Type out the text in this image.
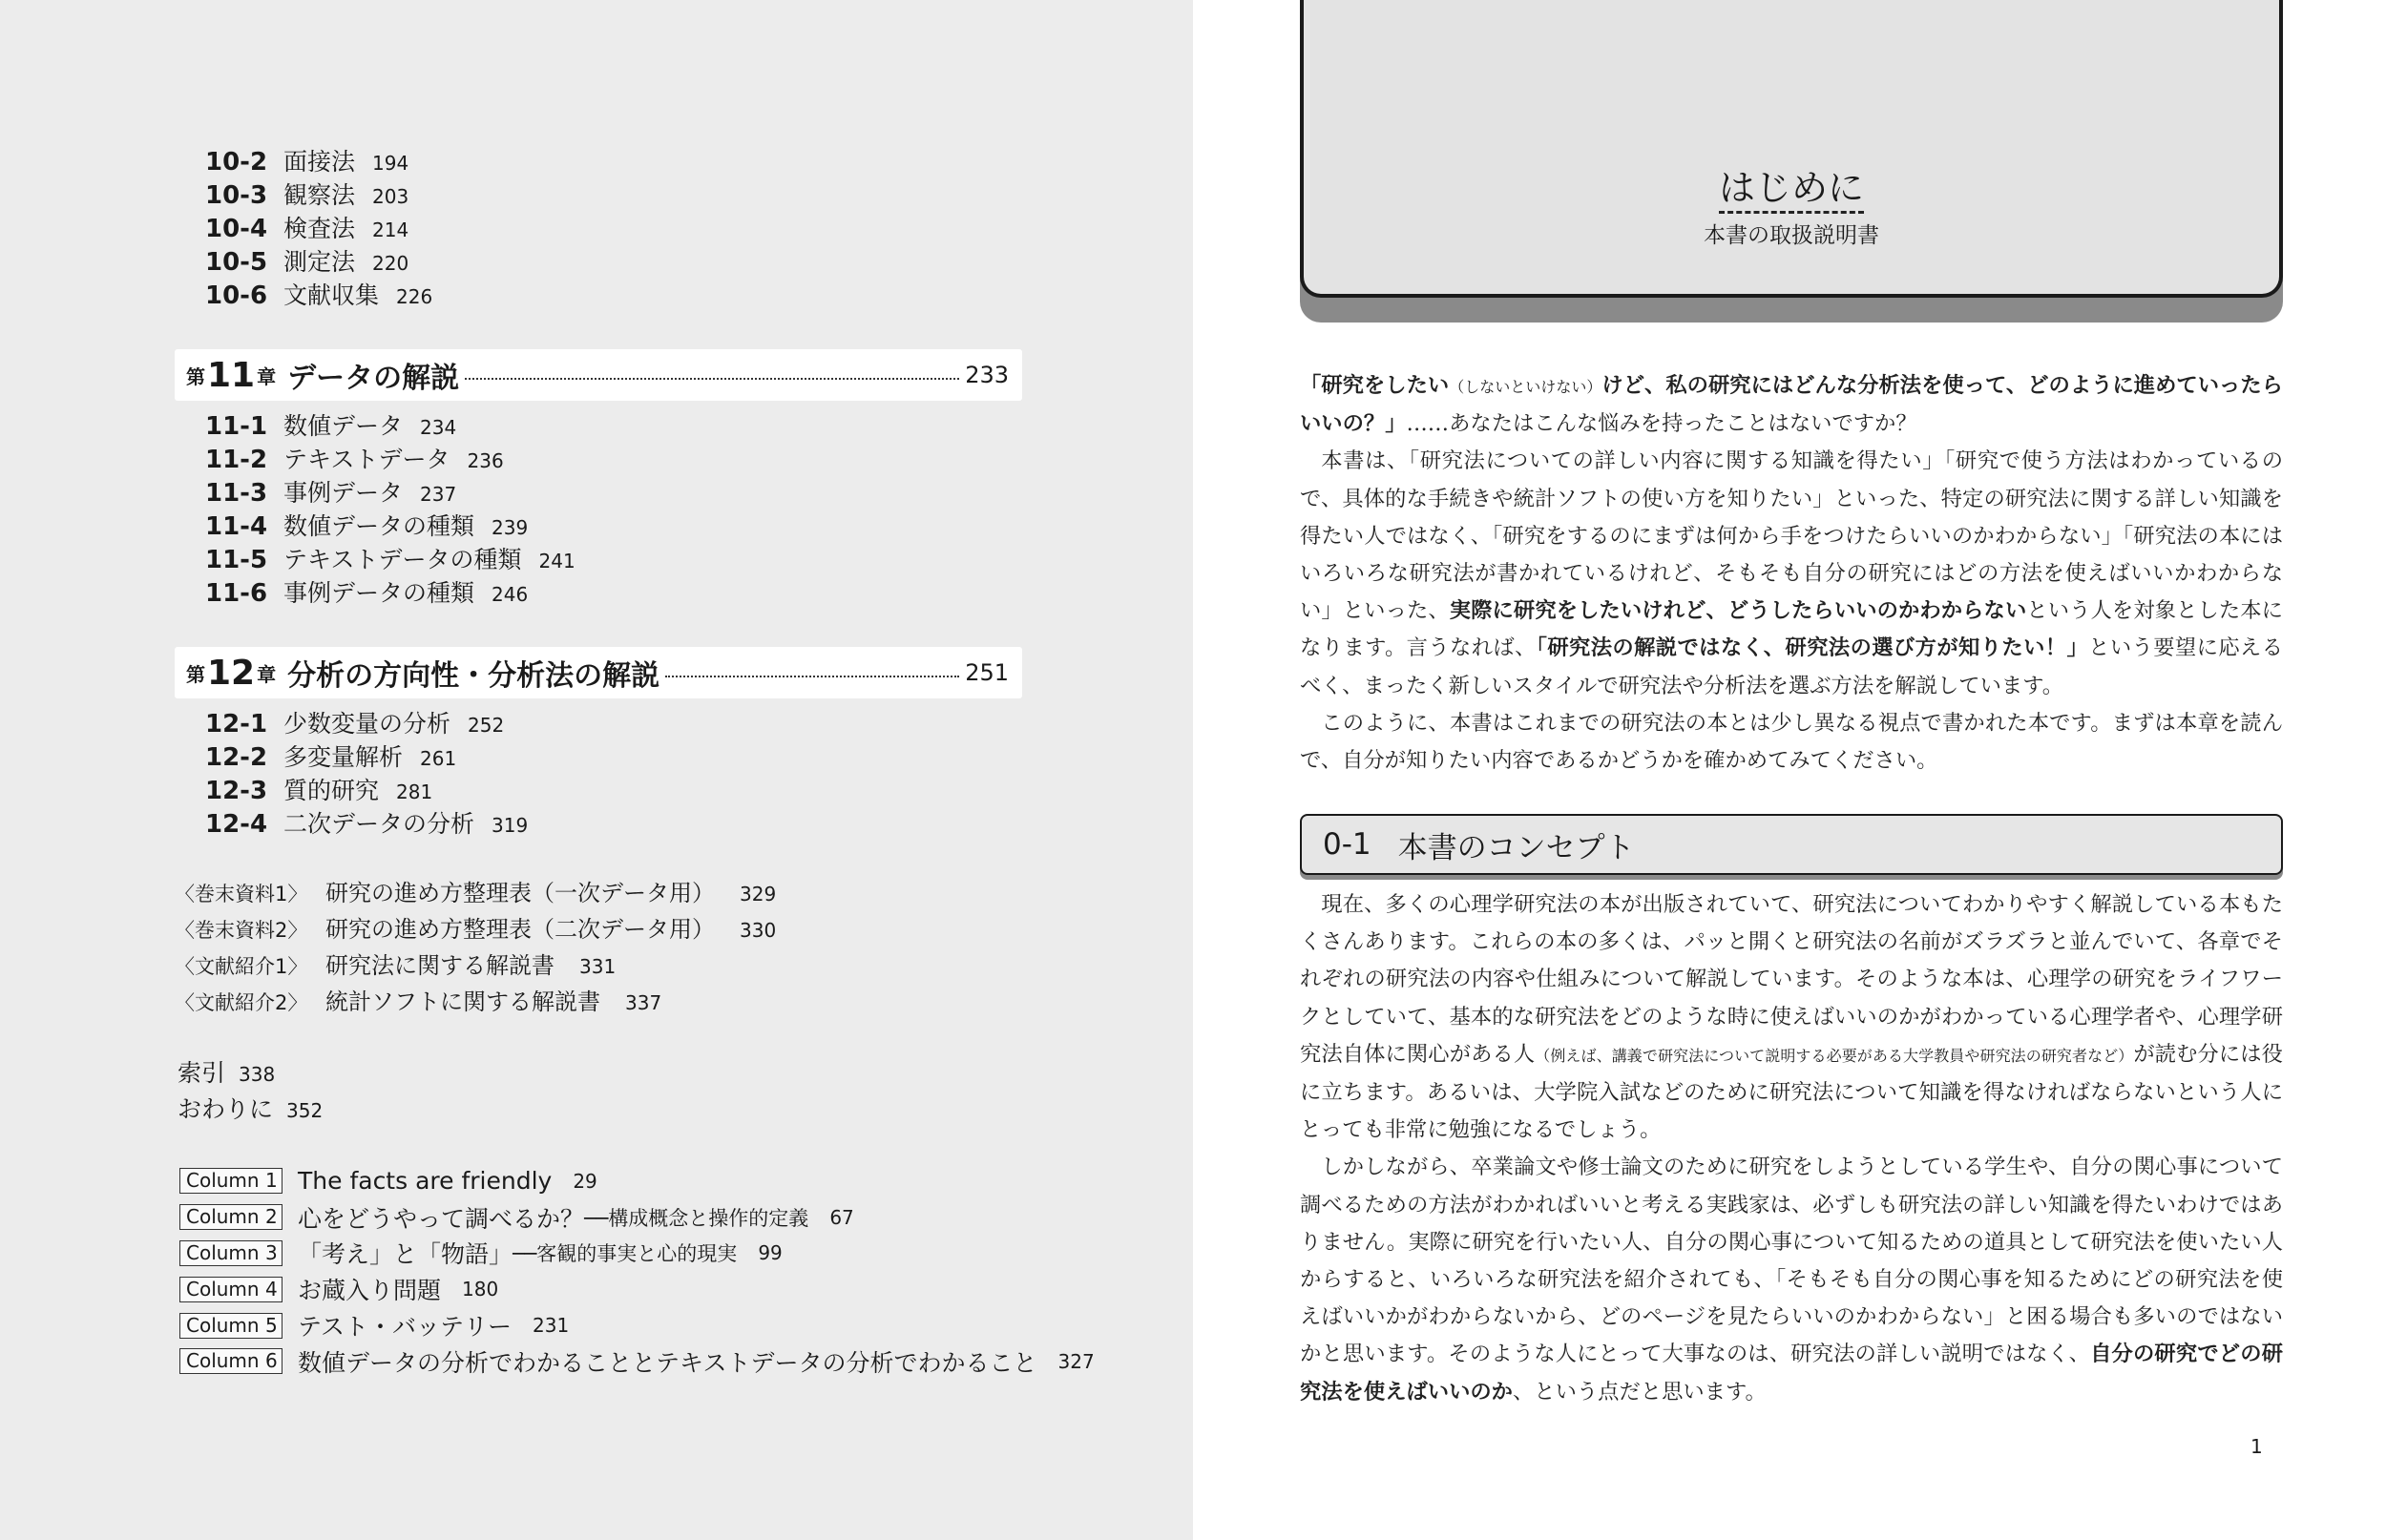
10-2 面接法 194
10-3 観察法 203
10-4 検査法 214
10-5 測定法 220
10-6 文献収集 226
第 11 章 データの解説	233
11-1 数値データ 234
11-2 テキストデータ 236
11-3 事例データ 237
11-4 数値データの種類 239
11-5 テキストデータの種類 241
11-6 事例データの種類 246
第 12 章 分析の方向性・分析法の解説	251
12-1 少数変量の分析 252
12-2 多変量解析 261
12-3 質的研究 281
12-4 二次データの分析 319
〈巻末資料1〉 研究の進め方整理表（一次データ用） 329
〈巻末資料2〉 研究の進め方整理表（二次データ用） 330
〈文献紹介1〉 研究法に関する解説書 331
〈文献紹介2〉 統計ソフトに関する解説書 337
索引 338
おわりに 352
Column 1 The facts are friendly 29
Column 2 心をどうやって調べるか？ ──構成概念と操作的定義 67
Column 3 「考え」と「物語」 ──客観的事実と心的現実 99
Column 4 お蔵入り問題 180
Column 5 テスト・バッテリー 231
Column 6 数値データの分析でわかることとテキストデータの分析でわかること 327
はじめに
本書の取扱説明書

「研究をしたい（しないといけない）けど、私の研究にはどんな分析法を使って、どのように進めていったらいいの？」……あなたはこんな悩みを持ったことはないですか？

本書は、「研究法についての詳しい内容に関する知識を得たい」「研究で使う方法はわかっているので、具体的な手続きや統計ソフトの使い方を知りたい」といった、特定の研究法に関する詳しい知識を得たい人ではなく、「研究をするのにまずは何から手をつけたらいいのかわからない」「研究法の本にはいろいろな研究法が書かれているけれど、そもそも自分の研究にはどの方法を使えばいいかわからない」といった、実際に研究をしたいけれど、どうしたらいいのかわからないという人を対象とした本になります。言うなれば、「研究法の解説ではなく、研究法の選び方が知りたい！」という要望に応えるべく、まったく新しいスタイルで研究法や分析法を選ぶ方法を解説しています。

このように、本書はこれまでの研究法の本とは少し異なる視点で書かれた本です。まずは本章を読んで、自分が知りたい内容であるかどうかを確かめてみてください。

0-1 本書のコンセプト

現在、多くの心理学研究法の本が出版されていて、研究法についてわかりやすく解説している本もたくさんあります。これらの本の多くは、パッと開くと研究法の名前がズラズラと並んでいて、各章でそれぞれの研究法の内容や仕組みについて解説しています。そのような本は、心理学の研究をライフワークとしていて、基本的な研究法をどのような時に使えばいいのかがわかっている心理学者や、心理学研究法自体に関心がある人（例えば、講義で研究法について説明する必要がある大学教員や研究法の研究者など）が読む分には役に立ちます。あるいは、大学院入試などのために研究法について知識を得なければならないという人にとっても非常に勉強になるでしょう。

しかしながら、卒業論文や修士論文のために研究をしようとしている学生や、自分の関心事について調べるための方法がわかればいいと考える実践家は、必ずしも研究法の詳しい知識を得たいわけではありません。実際に研究を行いたい人、自分の関心事について知るための道具として研究法を使いたい人からすると、いろいろな研究法を紹介されても、「そもそも自分の関心事を知るためにどの研究法を使えばいいかがわからないから、どのページを見たらいいのかわからない」と困る場合も多いのではないかと思います。そのような人にとって大事なのは、研究法の詳しい説明ではなく、自分の研究でどの研究法を使えばいいのか、という点だと思います。

1
